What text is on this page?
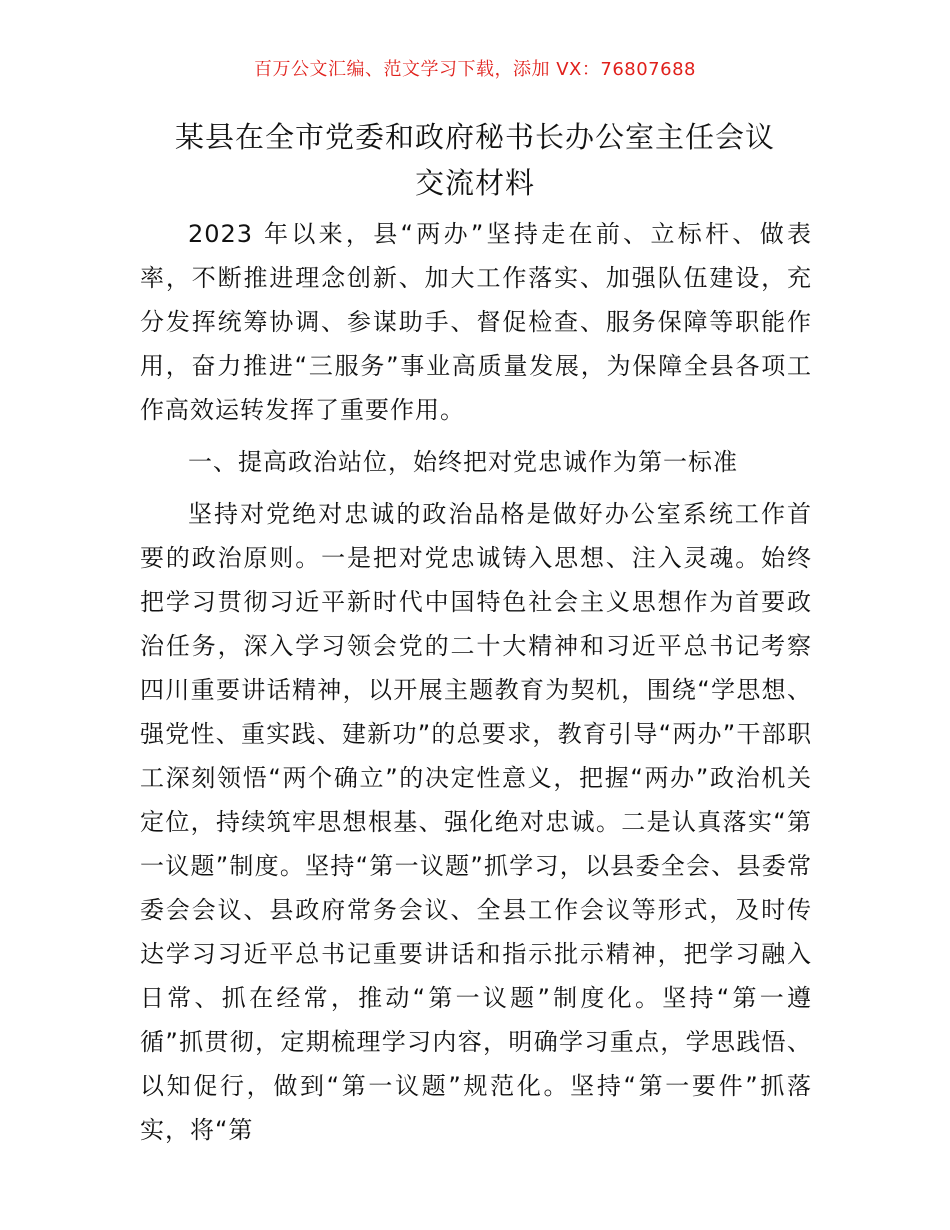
百万公文汇编、范文学习下载，添加 VX：76807688
某县在全市党委和政府秘书长办公室主任会议
交流材料

2023 年以来，县“两办”坚持走在前、立标杆、做表率，不断推进理念创新、加大工作落实、加强队伍建设，充分发挥统筹协调、参谋助手、督促检查、服务保障等职能作用，奋力推进“三服务”事业高质量发展，为保障全县各项工作高效运转发挥了重要作用。

一、提高政治站位，始终把对党忠诚作为第一标准

坚持对党绝对忠诚的政治品格是做好办公室系统工作首要的政治原则。一是把对党忠诚铸入思想、注入灵魂。始终把学习贯彻习近平新时代中国特色社会主义思想作为首要政治任务，深入学习领会党的二十大精神和习近平总书记考察四川重要讲话精神，以开展主题教育为契机，围绕“学思想、强党性、重实践、建新功”的总要求，教育引导“两办”干部职工深刻领悟“两个确立”的决定性意义，把握“两办”政治机关定位，持续筑牢思想根基、强化绝对忠诚。二是认真落实“第一议题”制度。坚持“第一议题”抓学习，以县委全会、县委常委会会议、县政府常务会议、全县工作会议等形式，及时传达学习习近平总书记重要讲话和指示批示精神，把学习融入日常、抓在经常，推动“第一议题”制度化。坚持“第一遵循”抓贯彻，定期梳理学习内容，明确学习重点，学思践悟、以知促行，做到“第一议题”规范化。坚持“第一要件”抓落实，将“第
